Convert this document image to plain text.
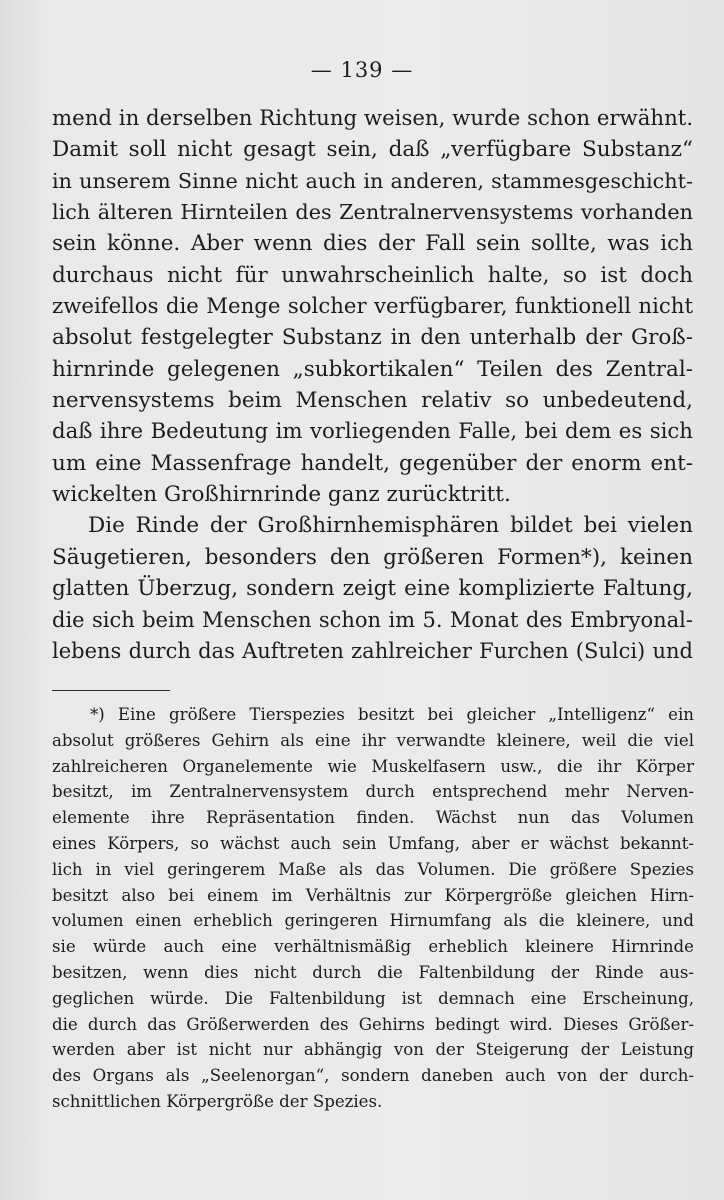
— 139 —
mend in derselben Richtung weisen, wurde schon erwähnt.
Damit soll nicht gesagt sein, daß „verfügbare Substanz“
in unserem Sinne nicht auch in anderen, stammesgeschicht-
lich älteren Hirnteilen des Zentralnervensystems vorhanden
sein könne. Aber wenn dies der Fall sein sollte, was ich
durchaus nicht für unwahrscheinlich halte, so ist doch
zweifellos die Menge solcher verfügbarer, funktionell nicht
absolut festgelegter Substanz in den unterhalb der Groß-
hirnrinde gelegenen „subkortikalen“ Teilen des Zentral-
nervensystems beim Menschen relativ so unbedeutend,
daß ihre Bedeutung im vorliegenden Falle, bei dem es sich
um eine Massenfrage handelt, gegenüber der enorm ent-
wickelten Großhirnrinde ganz zurücktritt.
Die Rinde der Großhirnhemisphären bildet bei vielen
Säugetieren, besonders den größeren Formen*), keinen
glatten Überzug, sondern zeigt eine komplizierte Faltung,
die sich beim Menschen schon im 5. Monat des Embryonal-
lebens durch das Auftreten zahlreicher Furchen (Sulci) und
*) Eine größere Tierspezies besitzt bei gleicher „Intelligenz“ ein
absolut größeres Gehirn als eine ihr verwandte kleinere, weil die viel
zahlreicheren Organelemente wie Muskelfasern usw., die ihr Körper
besitzt, im Zentralnervensystem durch entsprechend mehr Nerven-
elemente ihre Repräsentation finden. Wächst nun das Volumen
eines Körpers, so wächst auch sein Umfang, aber er wächst bekannt-
lich in viel geringerem Maße als das Volumen. Die größere Spezies
besitzt also bei einem im Verhältnis zur Körpergröße gleichen Hirn-
volumen einen erheblich geringeren Hirnumfang als die kleinere, und
sie würde auch eine verhältnismäßig erheblich kleinere Hirnrinde
besitzen, wenn dies nicht durch die Faltenbildung der Rinde aus-
geglichen würde. Die Faltenbildung ist demnach eine Erscheinung,
die durch das Größerwerden des Gehirns bedingt wird. Dieses Größer-
werden aber ist nicht nur abhängig von der Steigerung der Leistung
des Organs als „Seelenorgan“, sondern daneben auch von der durch-
schnittlichen Körpergröße der Spezies.
